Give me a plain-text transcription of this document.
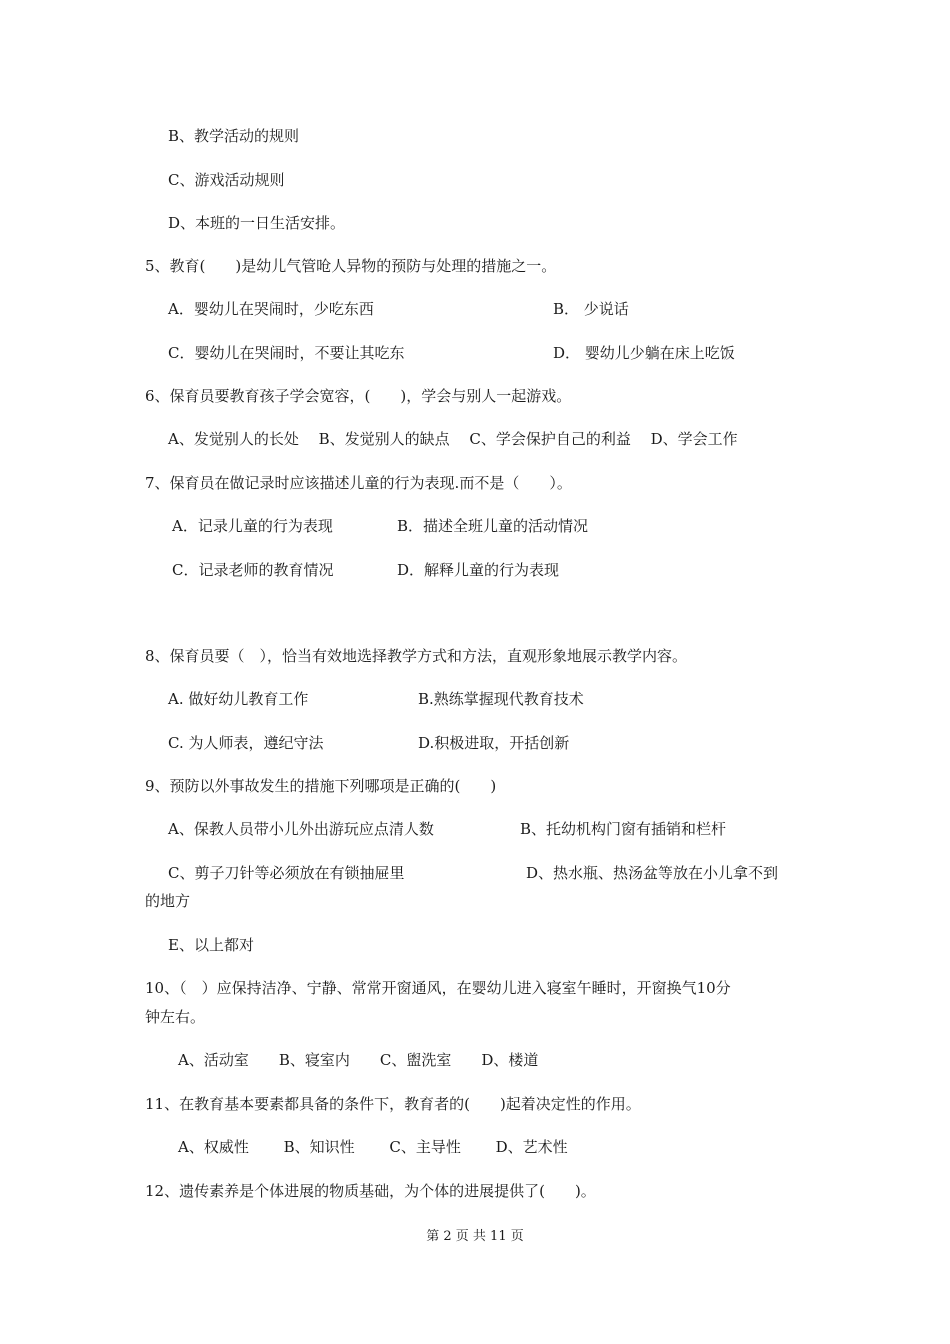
B、教学活动的规则
C、游戏活动规则
D、本班的一日生活安排。
5、教育(　　)是幼儿气管呛人异物的预防与处理的措施之一。
A．婴幼儿在哭闹时，少吃东西	B． 少说话
C．婴幼儿在哭闹时，不要让其吃东	D． 婴幼儿少躺在床上吃饭
6、保育员要教育孩子学会宽容，(　　)，学会与别人一起游戏。
A、发觉别人的长处　 B、发觉别人的缺点　 C、学会保护自己的利益　 D、学会工作
7、保育员在做记录时应该描述儿童的行为表现.而不是（　　）。
A．记录儿童的行为表现	B．描述全班儿童的活动情况
C．记录老师的教育情况	D．解释儿童的行为表现
8、保育员要（　），恰当有效地选择教学方式和方法，直观形象地展示教学内容。
A. 做好幼儿教育工作	B.熟练掌握现代教育技术
C. 为人师表，遵纪守法	D.积极进取，开括创新
9、预防以外事故发生的措施下列哪项是正确的(　　)
A、保教人员带小儿外出游玩应点清人数	B、托幼机构门窗有插销和栏杆
C、剪子刀针等必须放在有锁抽屉里	D、热水瓶、热汤盆等放在小儿拿不到
的地方
E、以上都对
10、（　）应保持洁净、宁静、常常开窗通风，在婴幼儿进入寝室午睡时，开窗换气10分
钟左右。
A、活动室　　B、寝室内　　C、盥洗室　　D、楼道
11、在教育基本要素都具备的条件下，教育者的(　　)起着决定性的作用。
A、权威性　　 B、知识性　　 C、主导性　　 D、艺术性
12、遗传素养是个体进展的物质基础，为个体的进展提供了(　　)。
第 2 页 共 11 页
